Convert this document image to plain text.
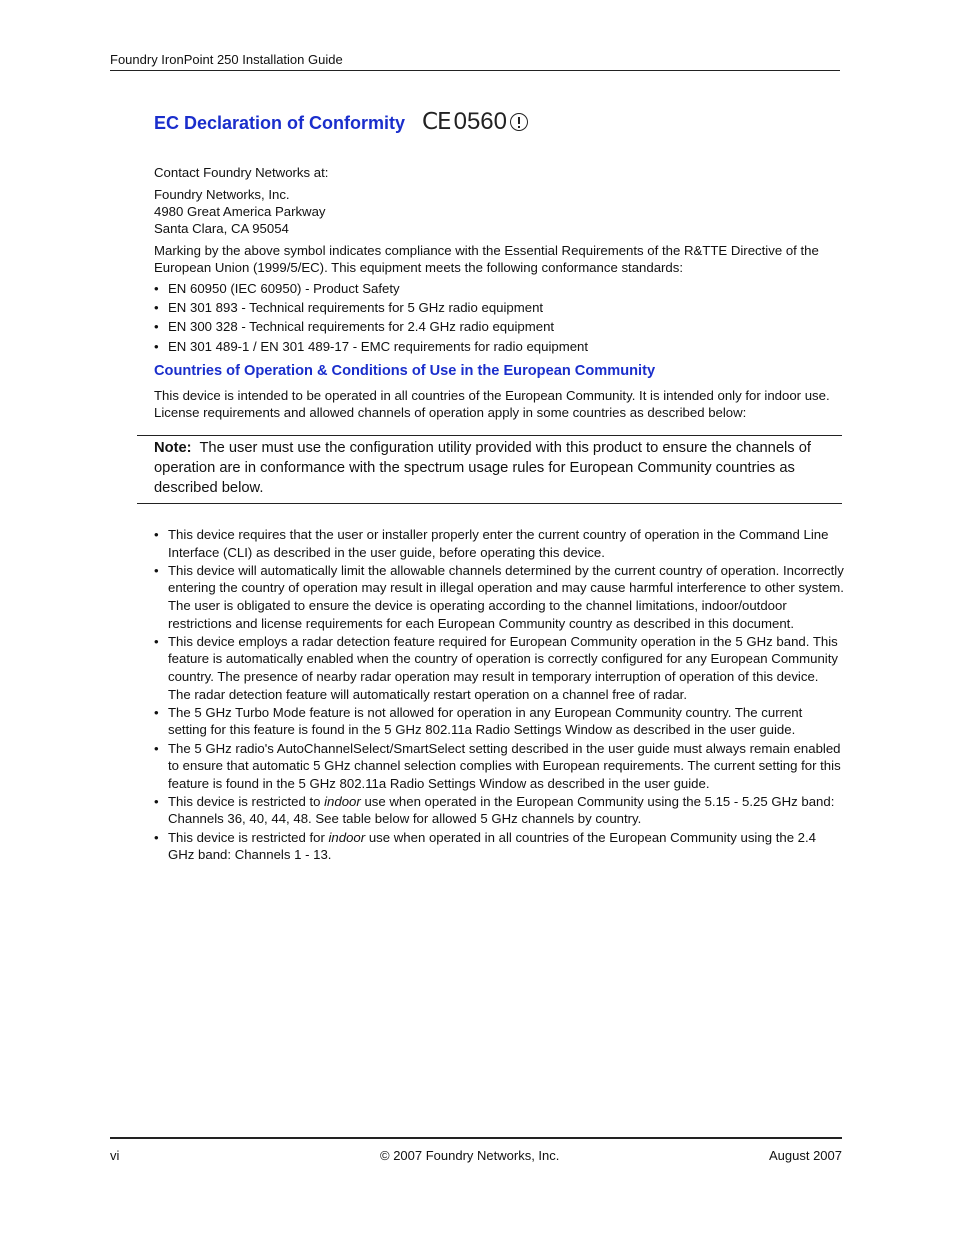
Foundry IronPoint 250 Installation Guide
EC Declaration of Conformity CE 0560
Contact Foundry Networks at:
Foundry Networks, Inc.
4980 Great America Parkway
Santa Clara, CA 95054
Marking by the above symbol indicates compliance with the Essential Requirements of the R&TTE Directive of the European Union (1999/5/EC). This equipment meets the following conformance standards:
• EN 60950 (IEC 60950) - Product Safety
• EN 301 893 - Technical requirements for 5 GHz radio equipment
• EN 300 328 - Technical requirements for 2.4 GHz radio equipment
• EN 301 489-1 / EN 301 489-17 - EMC requirements for radio equipment
Countries of Operation & Conditions of Use in the European Community
This device is intended to be operated in all countries of the European Community. It is intended only for indoor use. License requirements and allowed channels of operation apply in some countries as described below:
Note: The user must use the configuration utility provided with this product to ensure the channels of operation are in conformance with the spectrum usage rules for European Community countries as described below.
• This device requires that the user or installer properly enter the current country of operation in the Command Line Interface (CLI) as described in the user guide, before operating this device.
• This device will automatically limit the allowable channels determined by the current country of operation. Incorrectly entering the country of operation may result in illegal operation and may cause harmful interference to other system. The user is obligated to ensure the device is operating according to the channel limitations, indoor/outdoor restrictions and license requirements for each European Community country as described in this document.
• This device employs a radar detection feature required for European Community operation in the 5 GHz band. This feature is automatically enabled when the country of operation is correctly configured for any European Community country. The presence of nearby radar operation may result in temporary interruption of operation of this device. The radar detection feature will automatically restart operation on a channel free of radar.
• The 5 GHz Turbo Mode feature is not allowed for operation in any European Community country. The current setting for this feature is found in the 5 GHz 802.11a Radio Settings Window as described in the user guide.
• The 5 GHz radio's AutoChannelSelect/SmartSelect setting described in the user guide must always remain enabled to ensure that automatic 5 GHz channel selection complies with European requirements. The current setting for this feature is found in the 5 GHz 802.11a Radio Settings Window as described in the user guide.
• This device is restricted to indoor use when operated in the European Community using the 5.15 - 5.25 GHz band: Channels 36, 40, 44, 48. See table below for allowed 5 GHz channels by country.
• This device is restricted for indoor use when operated in all countries of the European Community using the 2.4 GHz band: Channels 1 - 13.
vi	© 2007 Foundry Networks, Inc.	August 2007
